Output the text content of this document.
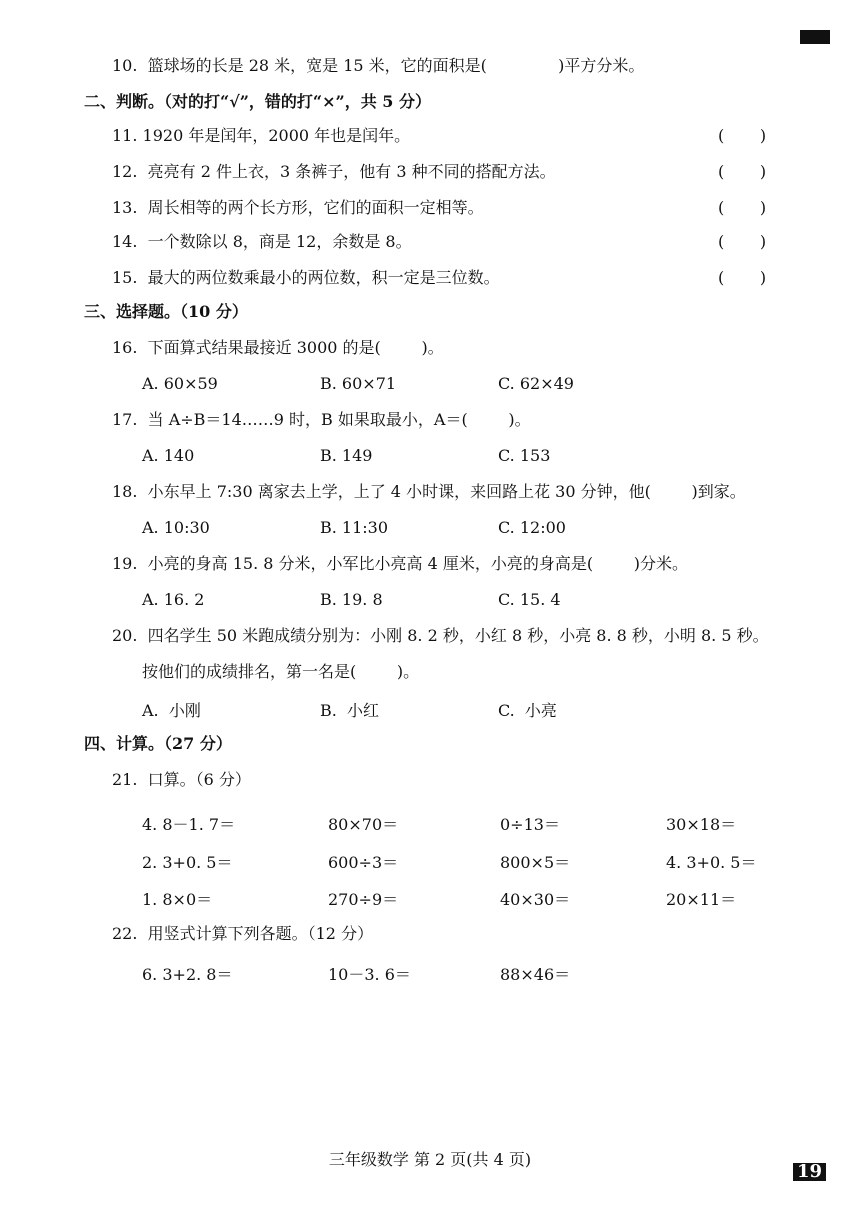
10.  篮球场的长是 28 米，宽是 15 米，它的面积是(              )平方分米。
二、判断。（对的打“√”，错的打“×”，共 5 分）
11. 1920 年是闰年，2000 年也是闰年。	(       )
12.  亮亮有 2 件上衣，3 条裤子，他有 3 种不同的搭配方法。	(       )
13.  周长相等的两个长方形，它们的面积一定相等。	(       )
14.  一个数除以 8，商是 12，余数是 8。	(       )
15.  最大的两位数乘最小的两位数，积一定是三位数。	(       )
三、选择题。（10 分）
16.  下面算式结果最接近 3000 的是(        )。
A. 60×59	B. 60×71	C. 62×49
17.  当 A÷B＝14……9 时，B 如果取最小，A＝(        )。
A. 140	B. 149	C. 153
18.  小东早上 7:30 离家去上学，上了 4 小时课，来回路上花 30 分钟，他(        )到家。
A. 10:30	B. 11:30	C. 12:00
19.  小亮的身高 15. 8 分米，小军比小亮高 4 厘米，小亮的身高是(        )分米。
A. 16. 2	B. 19. 8	C. 15. 4
20.  四名学生 50 米跑成绩分别为：小刚 8. 2 秒，小红 8 秒，小亮 8. 8 秒，小明 8. 5 秒。
按他们的成绩排名，第一名是(        )。
A.  小刚	B.  小红	C.  小亮
四、计算。（27 分）
21.  口算。（6 分）
4. 8－1. 7＝	80×70＝	0÷13＝	30×18＝
2. 3+0. 5＝	600÷3＝	800×5＝	4. 3+0. 5＝
1. 8×0＝	270÷9＝	40×30＝	20×11＝
22.  用竖式计算下列各题。（12 分）
6. 3+2. 8＝	10－3. 6＝	88×46＝
三年级数学 第 2 页(共 4 页)
19
